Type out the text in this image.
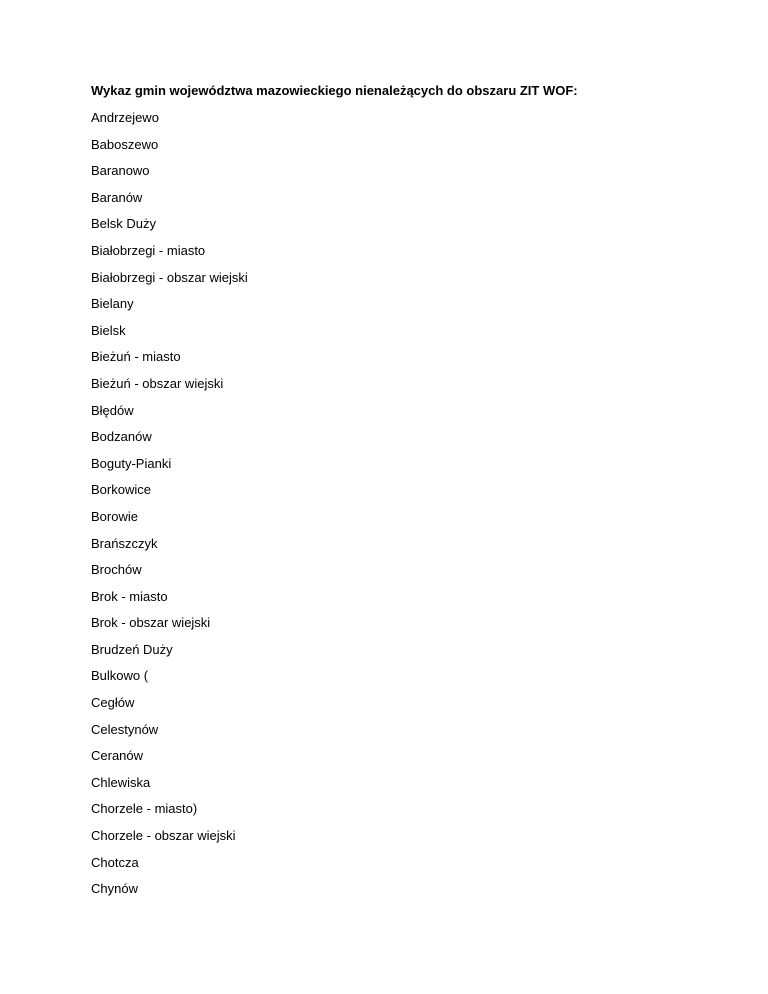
Wykaz gmin województwa mazowieckiego nienależących do obszaru ZIT WOF:
Andrzejewo
Baboszewo
Baranowo
Baranów
Belsk Duży
Białobrzegi - miasto
Białobrzegi - obszar wiejski
Bielany
Bielsk
Bieżuń - miasto
Bieżuń - obszar wiejski
Błędów
Bodzanów
Boguty-Pianki
Borkowice
Borowie
Brańszczyk
Brochów
Brok - miasto
Brok - obszar wiejski
Brudzeń Duży
Bulkowo (
Cegłów
Celestynów
Ceranów
Chlewiska
Chorzele - miasto)
Chorzele - obszar wiejski
Chotcza
Chynów
